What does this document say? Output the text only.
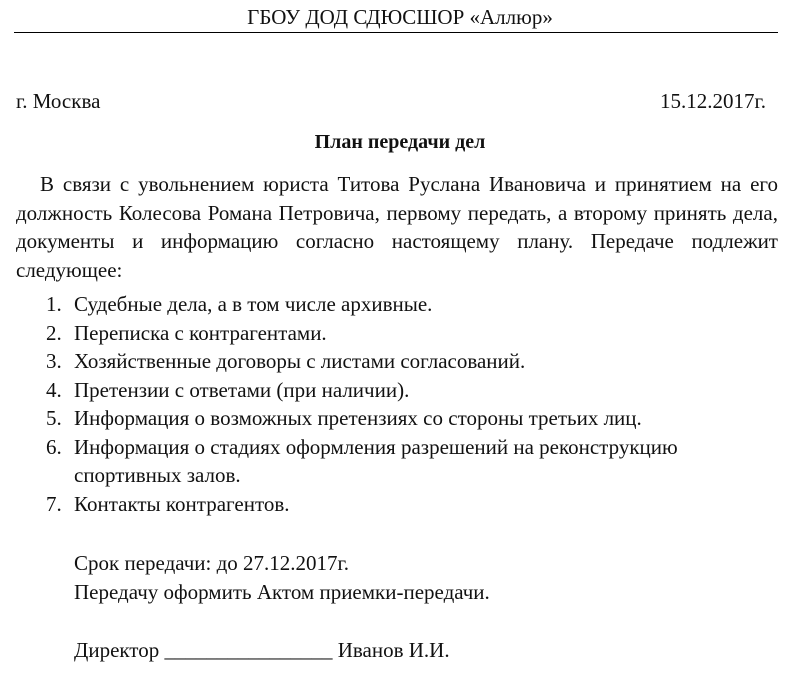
ГБОУ ДОД СДЮСШОР «Аллюр»
г. Москва	15.12.2017г.
План передачи дел

В связи с увольнением юриста Титова Руслана Ивановича и принятием на его должность Колесова Романа Петровича, первому передать, а второму принять дела, документы и информацию согласно настоящему плану. Передаче подлежит следующее:

1. Судебные дела, а в том числе архивные.
2. Переписка с контрагентами.
3. Хозяйственные договоры с листами согласований.
4. Претензии с ответами (при наличии).
5. Информация о возможных претензиях со стороны третьих лиц.
6. Информация о стадиях оформления разрешений на реконструкцию спортивных залов.
7. Контакты контрагентов.
Срок передачи: до 27.12.2017г.
Передачу оформить Актом приемки-передачи.
Директор ________________ Иванов И.И.
